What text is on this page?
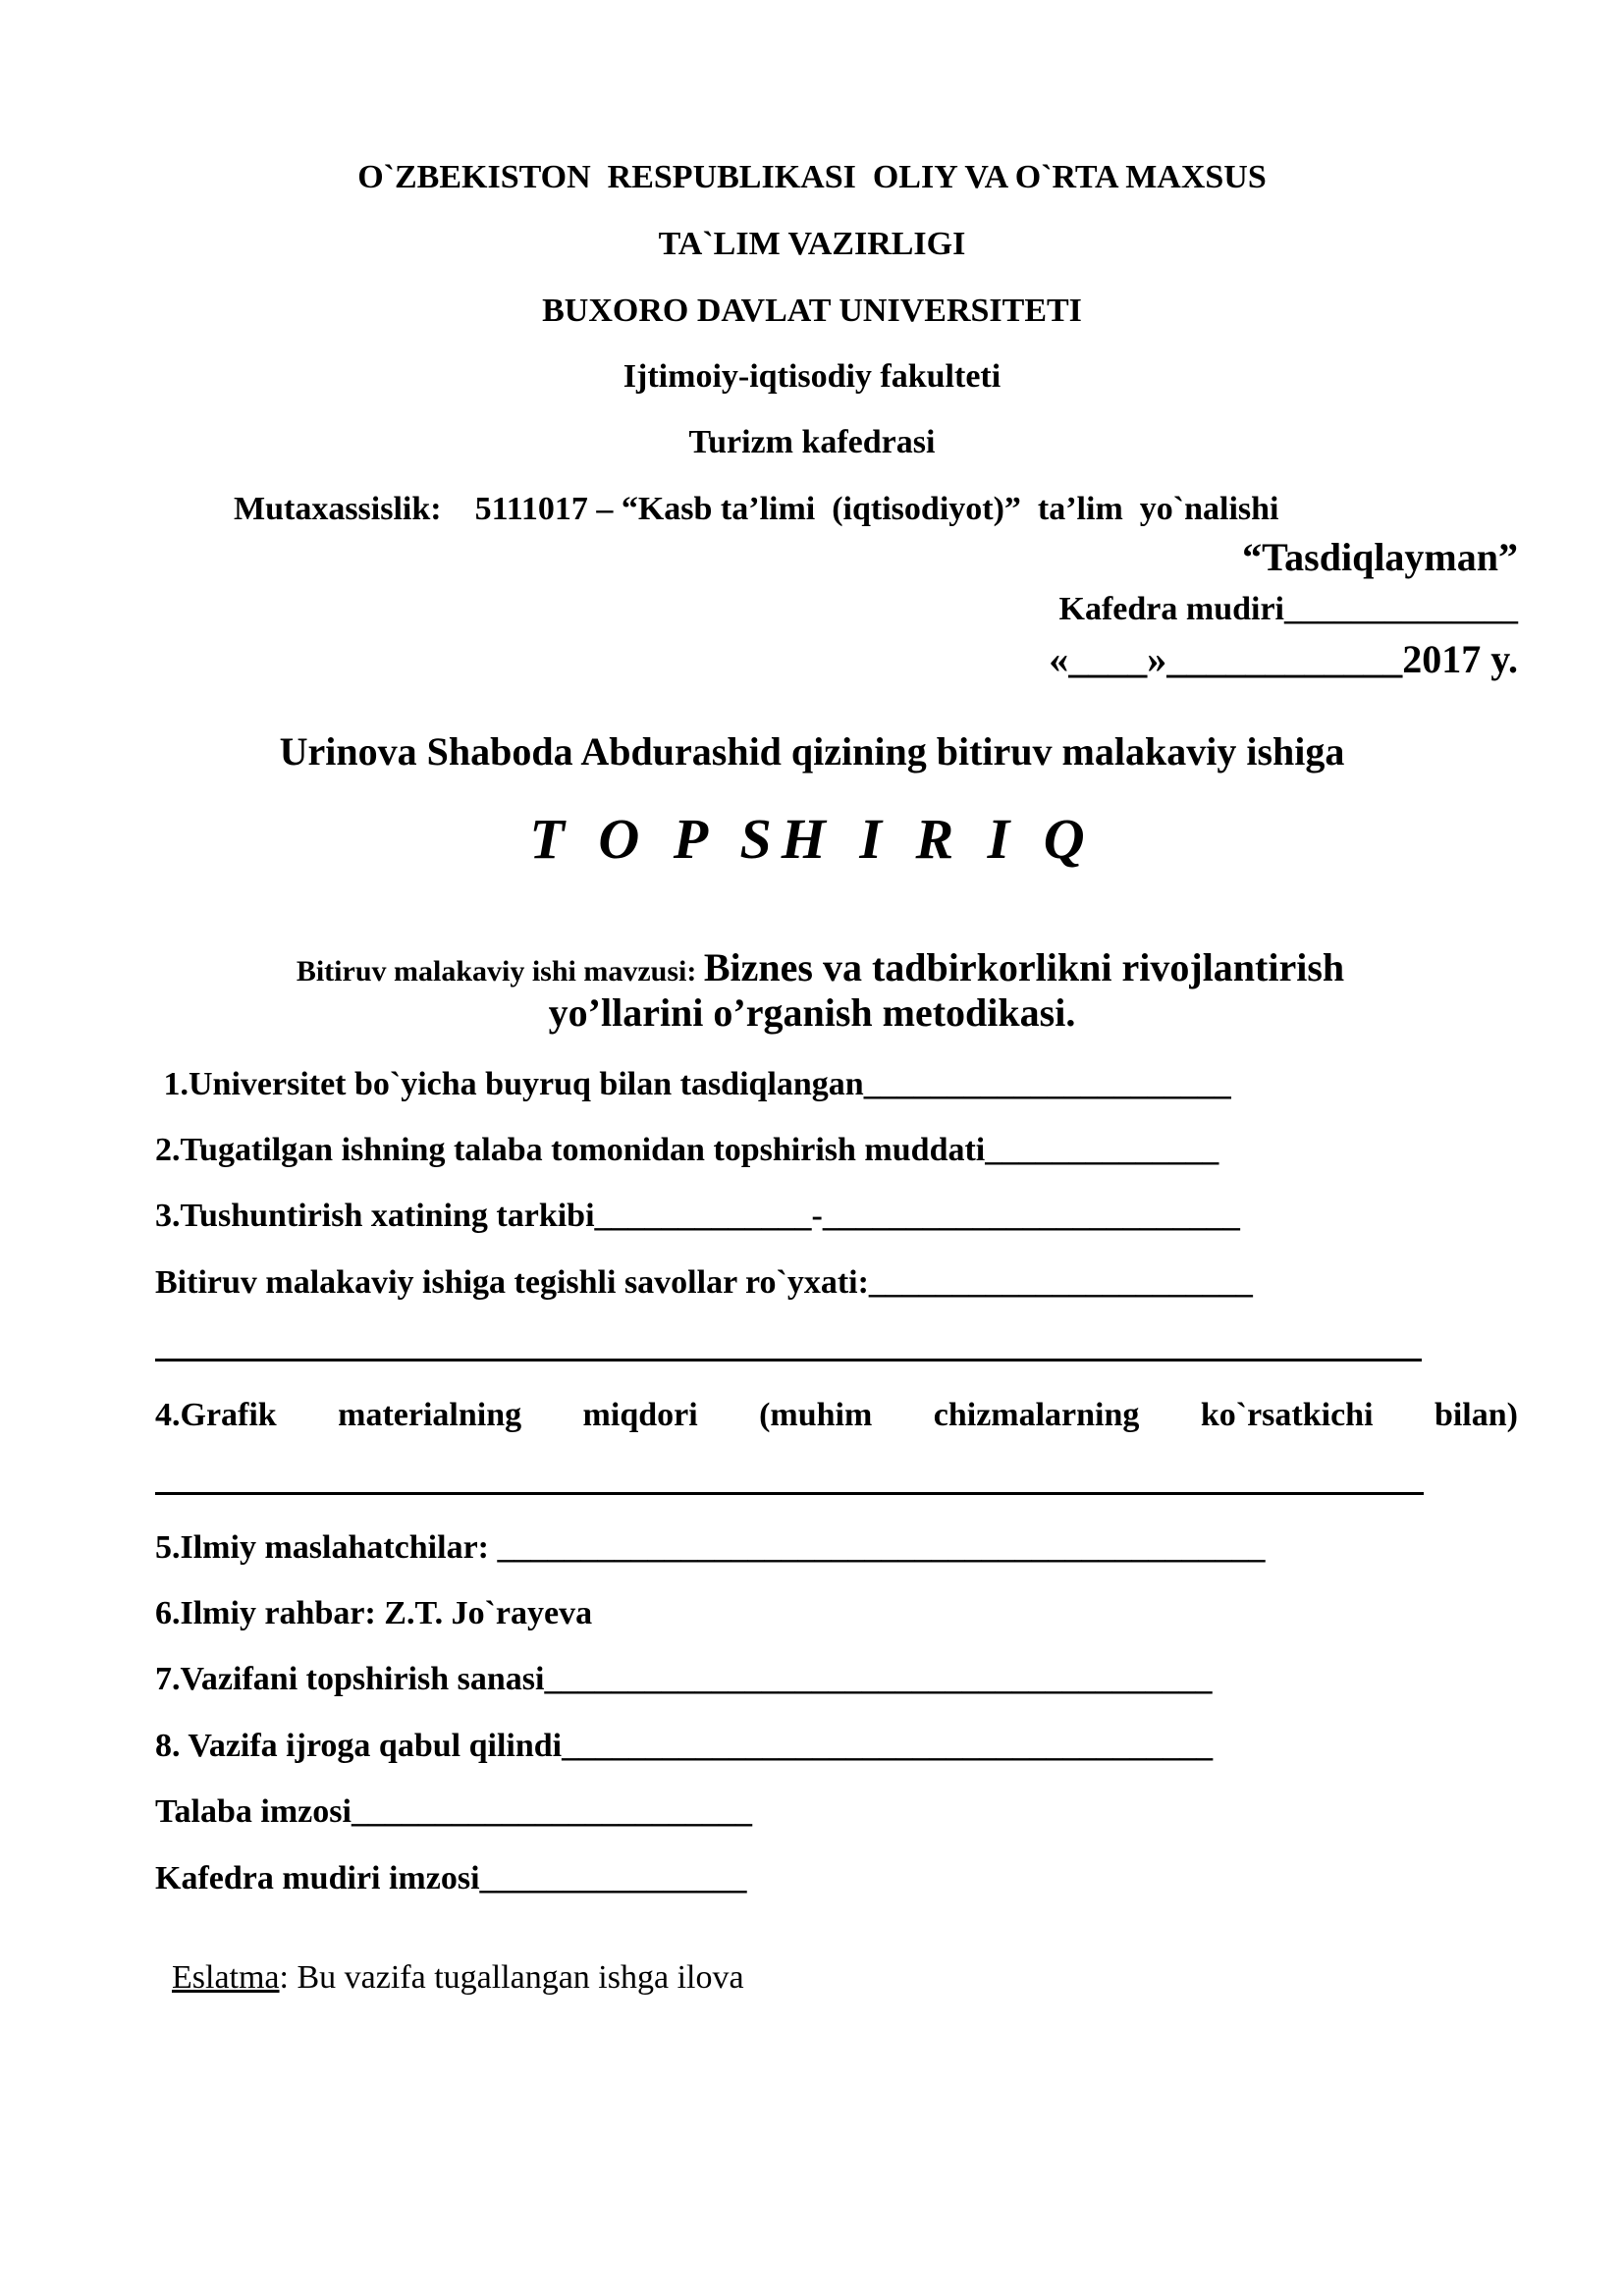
O`ZBEKISTON  RESPUBLIKASI  OLIY VA O`RTA MAXSUS
TA`LIM VAZIRLIGI
BUXORO DAVLAT UNIVERSITETI
Ijtimoiy-iqtisodiy fakulteti
Turizm kafedrasi
Mutaxassislik:    5111017 – “Kasb ta’limi  (iqtisodiyot)”  ta’lim  yo`nalishi
“Tasdiqlayman”
Kafedra mudiri______________
«____»____________2017 y.
Urinova Shaboda Abdurashid qizining bitiruv malakaviy ishiga
T O P SH I R I Q

Bitiruv malakaviy ishi mavzusi: Biznes va tadbirkorlikni rivojlantirish

yo’llarini o’rganish metodikasi.
1.Universitet bo`yicha buyruq bilan tasdiqlangan______________________
2.Tugatilgan ishning talaba tomonidan topshirish muddati______________
3.Tushuntirish xatining tarkibi_____________-_________________________
Bitiruv malakaviy ishiga tegishli savollar ro`yxati:_______________________
4.Grafik materialning miqdori (muhim chizmalarning ko`rsatkichi bilan)
5.Ilmiy maslahatchilar: ______________________________________________
6.Ilmiy rahbar: Z.T. Jo`rayeva
7.Vazifani topshirish sanasi________________________________________
8. Vazifa ijroga qabul qilindi_______________________________________
Talaba imzosi________________________
Kafedra mudiri imzosi________________

Eslatma: Bu vazifa tugallangan ishga ilova
